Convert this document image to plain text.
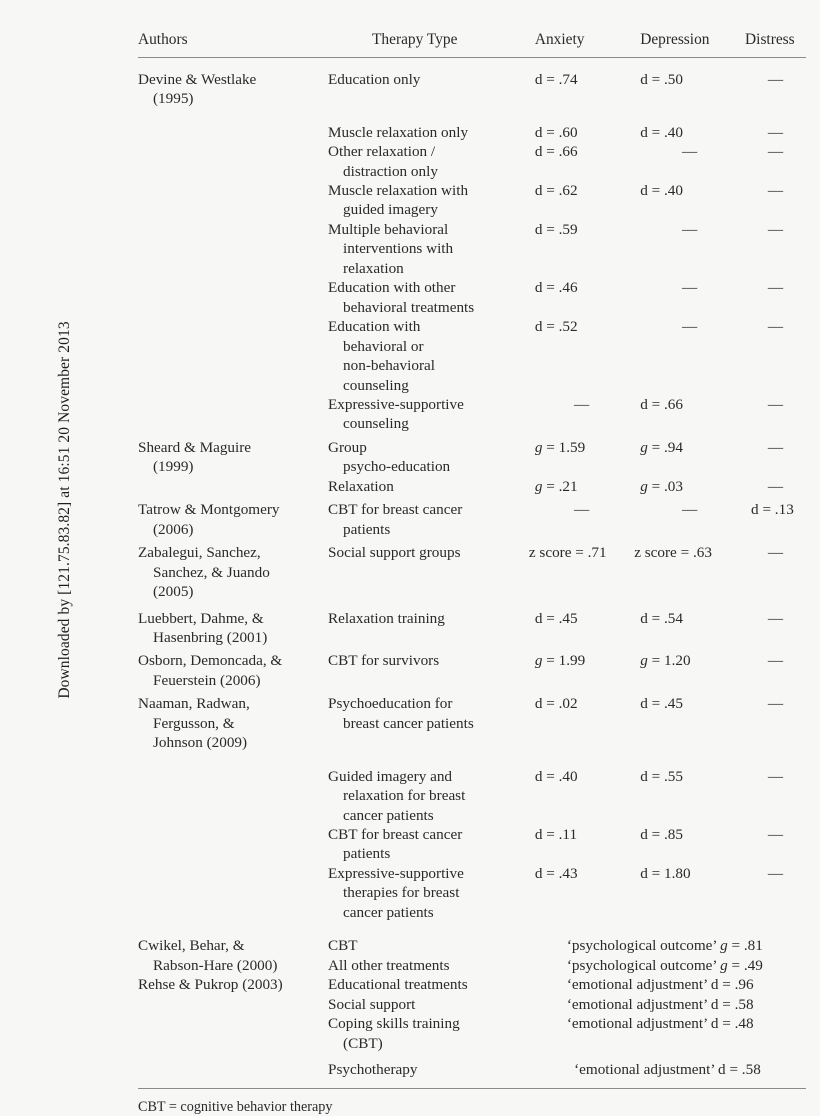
Downloaded by [121.75.83.82] at 16:51 20 November 2013
Authors	Therapy Type	Anxiety	Depression	Distress

Devine & Westlake
(1995)	Education only	d = .74	d = .50	—

	Muscle relaxation only	d = .60	d = .40	—

	Other relaxation /
distraction only	d = .66	—	—

	Muscle relaxation with
guided imagery	d = .62	d = .40	—

	Multiple behavioral
interventions with
relaxation	d = .59	—	—

	Education with other
behavioral treatments	d = .46	—	—

	Education with
behavioral or
non-behavioral
counseling	d = .52	—	—

	Expressive-supportive
counseling	—	d = .66	—

Sheard & Maguire
(1999)	Group
psycho-education	g = 1.59	g = .94	—

	Relaxation	g = .21	g = .03	—

Tatrow & Montgomery
(2006)	CBT for breast cancer
patients	—	—	d = .13

Zabalegui, Sanchez,
Sanchez, & Juando
(2005)	Social support groups	z score = .71	z score = .63	—

Luebbert, Dahme, &
Hasenbring (2001)	Relaxation training	d = .45	d = .54	—

Osborn, Demoncada, &
Feuerstein (2006)	CBT for survivors	g = 1.99	g = 1.20	—

Naaman, Radwan,
Fergusson, &
Johnson (2009)	Psychoeducation for
breast cancer patients	d = .02	d = .45	—

	Guided imagery and
relaxation for breast
cancer patients	d = .40	d = .55	—

	CBT for breast cancer
patients	d = .11	d = .85	—

	Expressive-supportive
therapies for breast
cancer patients	d = .43	d = 1.80	—

Cwikel, Behar, &	CBT	‘psychological outcome’ g = .81		

Rabson-Hare (2000)	All other treatments	‘psychological outcome’ g = .49		

Rehse & Pukrop (2003)	Educational treatments	‘emotional adjustment’ d = .96		

	Social support	‘emotional adjustment’ d = .58		

	Coping skills training
(CBT)	‘emotional adjustment’ d = .48		

	Psychotherapy	‘emotional adjustment’ d = .58		
CBT = cognitive behavior therapy
